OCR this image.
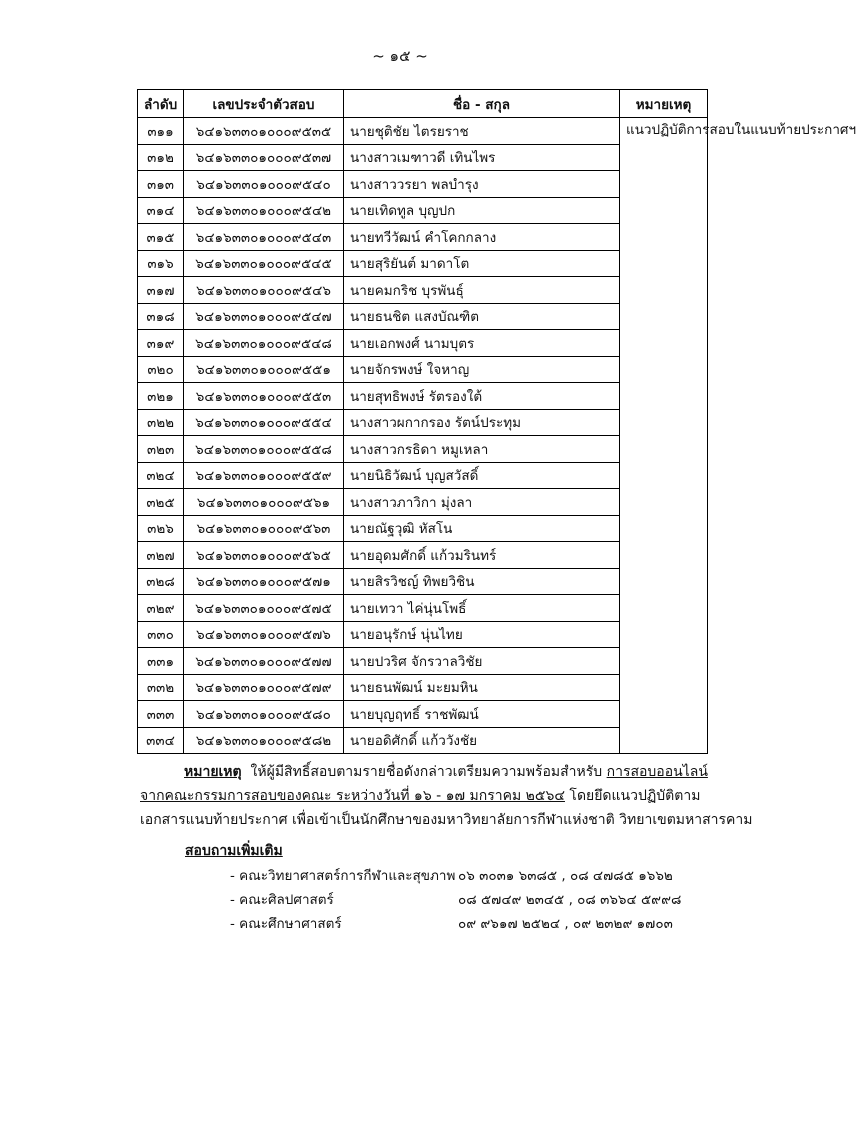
~ ๑๕ ~
ลำดับ	เลขประจำตัวสอบ	ชื่อ - สกุล	หมายเหตุ
๓๑๑	๖๔๑๖๓๓๐๑๐๐๐๙๕๓๕	นายชุติชัย ไตรยราช	แนวปฏิบัติการสอบในแนบท้ายประกาศฯ
๓๑๒	๖๔๑๖๓๓๐๑๐๐๐๙๕๓๗	นางสาวเมฑาวดี เทินไพร	
๓๑๓	๖๔๑๖๓๓๐๑๐๐๐๙๕๔๐	นางสาววรยา พลบำรุง	
๓๑๔	๖๔๑๖๓๓๐๑๐๐๐๙๕๔๒	นายเทิดทูล บุญปก	
๓๑๕	๖๔๑๖๓๓๐๑๐๐๐๙๕๔๓	นายทวีวัฒน์ คำโคกกลาง	
๓๑๖	๖๔๑๖๓๓๐๑๐๐๐๙๕๔๕	นายสุริยันต์ มาดาโต	
๓๑๗	๖๔๑๖๓๓๐๑๐๐๐๙๕๔๖	นายคมกริช บุรพันธุ์	
๓๑๘	๖๔๑๖๓๓๐๑๐๐๐๙๕๔๗	นายธนชิต แสงบัณฑิต	
๓๑๙	๖๔๑๖๓๓๐๑๐๐๐๙๕๔๘	นายเอกพงศ์ นามบุตร	
๓๒๐	๖๔๑๖๓๓๐๑๐๐๐๙๕๕๑	นายจักรพงษ์ ใจหาญ	
๓๒๑	๖๔๑๖๓๓๐๑๐๐๐๙๕๕๓	นายสุทธิพงษ์ รัตรองใต้	
๓๒๒	๖๔๑๖๓๓๐๑๐๐๐๙๕๕๔	นางสาวผกากรอง รัตน์ประทุม	
๓๒๓	๖๔๑๖๓๓๐๑๐๐๐๙๕๕๘	นางสาวกรธิดา หมูเหลา	
๓๒๔	๖๔๑๖๓๓๐๑๐๐๐๙๕๕๙	นายนิธิวัฒน์ บุญสวัสดิ์	
๓๒๕	๖๔๑๖๓๓๐๑๐๐๐๙๕๖๑	นางสาวภาวิกา มุ่งลา	
๓๒๖	๖๔๑๖๓๓๐๑๐๐๐๙๕๖๓	นายณัฐวุฒิ หัสโน	
๓๒๗	๖๔๑๖๓๓๐๑๐๐๐๙๕๖๕	นายอุดมศักดิ์ แก้วมรินทร์	
๓๒๘	๖๔๑๖๓๓๐๑๐๐๐๙๕๗๑	นายสิรวิชญ์ ทิพยวิชิน	
๓๒๙	๖๔๑๖๓๓๐๑๐๐๐๙๕๗๕	นายเทวา ไค่นุ่นโพธิ์	
๓๓๐	๖๔๑๖๓๓๐๑๐๐๐๙๕๗๖	นายอนุรักษ์ นุ่นไทย	
๓๓๑	๖๔๑๖๓๓๐๑๐๐๐๙๕๗๗	นายปวริศ จักรวาลวิชัย	
๓๓๒	๖๔๑๖๓๓๐๑๐๐๐๙๕๗๙	นายธนพัฒน์ มะยมหิน	
๓๓๓	๖๔๑๖๓๓๐๑๐๐๐๙๕๘๐	นายบุญฤทธิ์ ราชพัฒน์	
๓๓๔	๖๔๑๖๓๓๐๑๐๐๐๙๕๘๒	นายอดิศักดิ์ แก้ววังชัย	
หมายเหตุ ให้ผู้มีสิทธิ์สอบตามรายชื่อดังกล่าวเตรียมความพร้อมสำหรับ การสอบออนไลน์
จากคณะกรรมการสอบของคณะ ระหว่างวันที่ ๑๖ - ๑๗ มกราคม ๒๕๖๔ โดยยึดแนวปฏิบัติตาม
เอกสารแนบท้ายประกาศ เพื่อเข้าเป็นนักศึกษาของมหาวิทยาลัยการกีฬาแห่งชาติ วิทยาเขตมหาสารคาม
สอบถามเพิ่มเติม
- คณะวิทยาศาสตร์การกีฬาและสุขภาพ ๐๖ ๓๐๓๑ ๖๓๘๕ , ๐๘ ๔๗๘๕ ๑๖๖๒
- คณะศิลปศาสตร์	๐๘ ๕๗๔๙ ๒๓๔๕ , ๐๘ ๓๖๖๔ ๕๙๙๘
- คณะศึกษาศาสตร์	๐๙ ๙๖๑๗ ๒๕๒๔ , ๐๙ ๒๓๒๙ ๑๗๐๓
